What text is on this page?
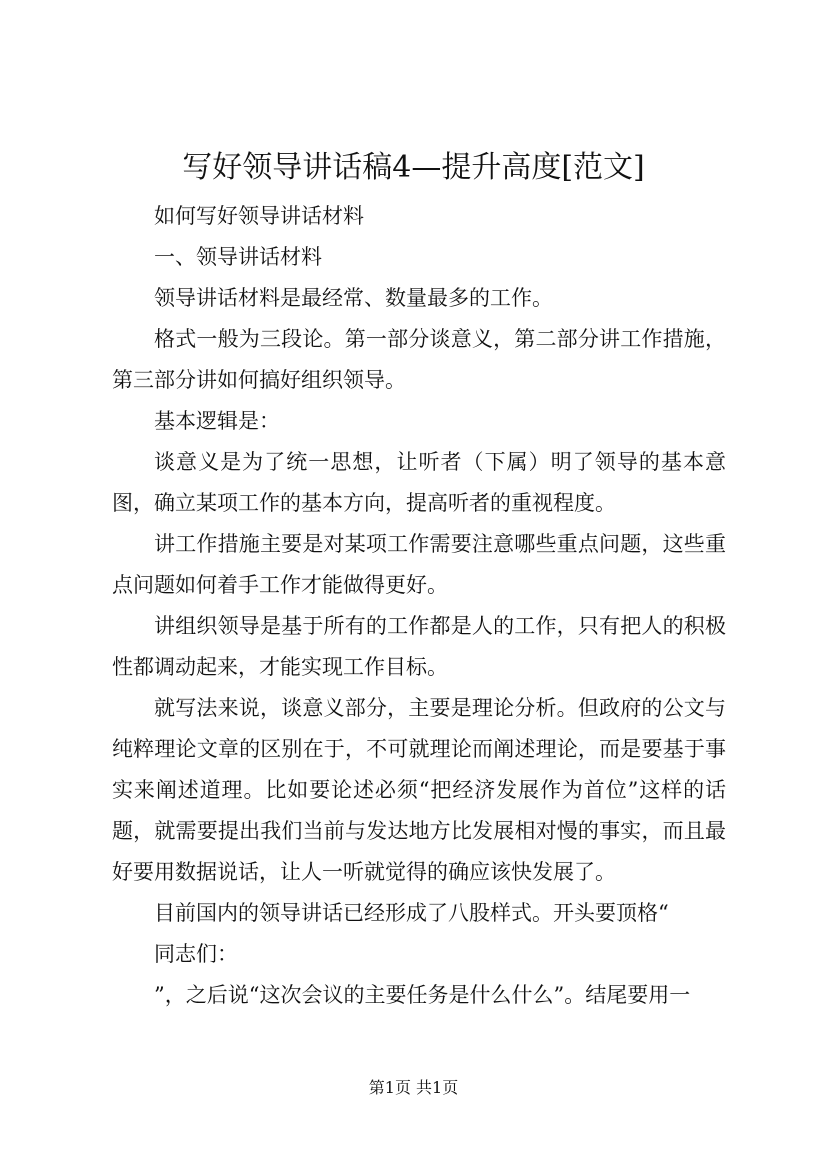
写好领导讲话稿4—提升高度[范文]

如何写好领导讲话材料

一、领导讲话材料

领导讲话材料是最经常、数量最多的工作。

格式一般为三段论。第一部分谈意义，第二部分讲工作措施，第三部分讲如何搞好组织领导。

基本逻辑是：

谈意义是为了统一思想，让听者（下属）明了领导的基本意图，确立某项工作的基本方向，提高听者的重视程度。

讲工作措施主要是对某项工作需要注意哪些重点问题，这些重点问题如何着手工作才能做得更好。

讲组织领导是基于所有的工作都是人的工作，只有把人的积极性都调动起来，才能实现工作目标。

就写法来说，谈意义部分，主要是理论分析。但政府的公文与纯粹理论文章的区别在于，不可就理论而阐述理论，而是要基于事实来阐述道理。比如要论述必须“把经济发展作为首位”这样的话题，就需要提出我们当前与发达地方比发展相对慢的事实，而且最好要用数据说话，让人一听就觉得的确应该快发展了。

目前国内的领导讲话已经形成了八股样式。开头要顶格“

同志们：

”，之后说“这次会议的主要任务是什么什么”。结尾要用一

第1页 共1页
